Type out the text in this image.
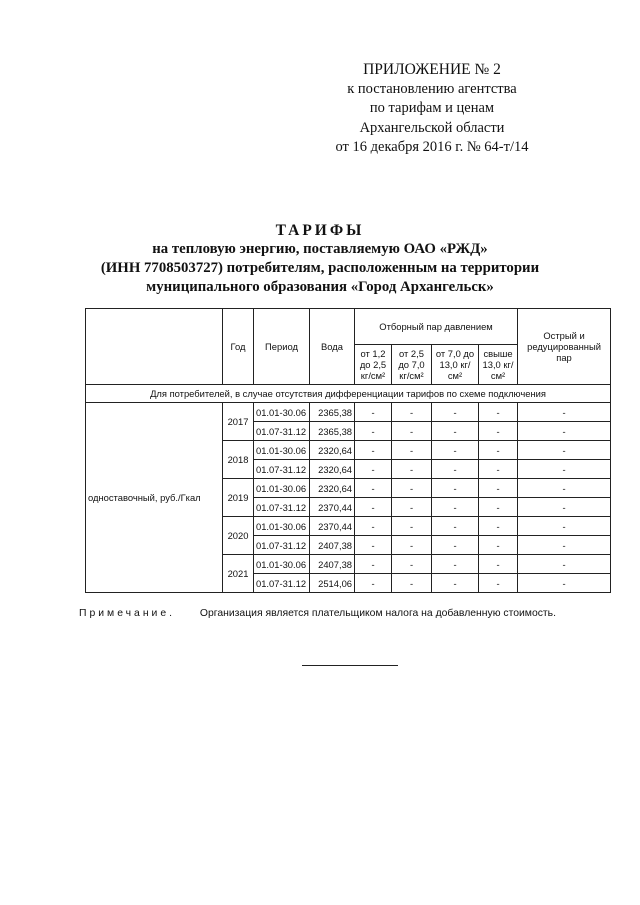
ПРИЛОЖЕНИЕ № 2
к постановлению агентства
по тарифам и ценам
Архангельской области
от 16 декабря 2016 г. № 64-т/14
ТАРИФЫ
на тепловую энергию, поставляемую ОАО «РЖД»
(ИНН 7708503727) потребителям, расположенным на территории
муниципального образования «Город Архангельск»
	Год	Период	Вода	Отборный пар давлением				Острый и редуцированный пар
				от 1,2 до 2,5 кг/см²	от 2,5 до 7,0 кг/см²	от 7,0 до 13,0 кг/см²	свыше 13,0 кг/см²	
Для потребителей, в случае отсутствия дифференциации тарифов по схеме подключения								
одноставочный, руб./Гкал	2017	01.01-30.06	2365,38	-	-	-	-	-
		01.07-31.12	2365,38	-	-	-	-	-
	2018	01.01-30.06	2320,64	-	-	-	-	-
		01.07-31.12	2320,64	-	-	-	-	-
	2019	01.01-30.06	2320,64	-	-	-	-	-
		01.07-31.12	2370,44	-	-	-	-	-
	2020	01.01-30.06	2370,44	-	-	-	-	-
		01.07-31.12	2407,38	-	-	-	-	-
	2021	01.01-30.06	2407,38	-	-	-	-	-
		01.07-31.12	2514,06	-	-	-	-	-
Примечание. Организация является плательщиком налога на добавленную стоимость.
